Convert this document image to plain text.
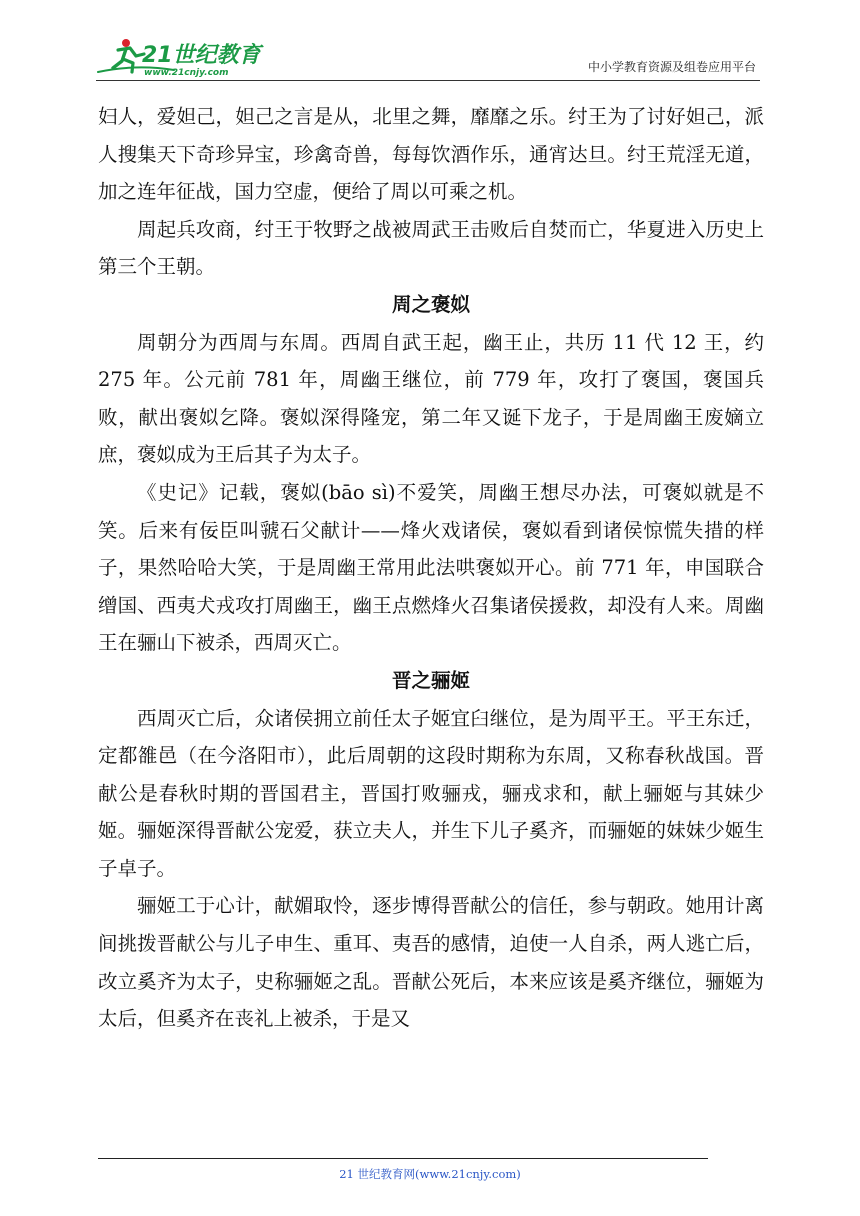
21世纪教育
www.21cnjy.com	中小学教育资源及组卷应用平台

妇人，爱妲己，妲己之言是从，北里之舞，靡靡之乐。纣王为了讨好妲己，派人搜集天下奇珍异宝，珍禽奇兽，每每饮酒作乐，通宵达旦。纣王荒淫无道，加之连年征战，国力空虚，便给了周以可乘之机。

周起兵攻商，纣王于牧野之战被周武王击败后自焚而亡，华夏进入历史上第三个王朝。

周之褒姒

周朝分为西周与东周。西周自武王起，幽王止，共历 11 代 12 王，约 275 年。公元前 781 年，周幽王继位，前 779 年，攻打了褒国，褒国兵败，献出褒姒乞降。褒姒深得隆宠，第二年又诞下龙子，于是周幽王废嫡立庶，褒姒成为王后其子为太子。

《史记》记载，褒姒(bāo sì)不爱笑，周幽王想尽办法，可褒姒就是不笑。后来有佞臣叫虢石父献计——烽火戏诸侯，褒姒看到诸侯惊慌失措的样子，果然哈哈大笑，于是周幽王常用此法哄褒姒开心。前 771 年，申国联合缯国、西夷犬戎攻打周幽王，幽王点燃烽火召集诸侯援救，却没有人来。周幽王在骊山下被杀，西周灭亡。

晋之骊姬

西周灭亡后，众诸侯拥立前任太子姬宜臼继位，是为周平王。平王东迁，定都雒邑（在今洛阳市），此后周朝的这段时期称为东周，又称春秋战国。晋献公是春秋时期的晋国君主，晋国打败骊戎，骊戎求和，献上骊姬与其妹少姬。骊姬深得晋献公宠爱，获立夫人，并生下儿子奚齐，而骊姬的妹妹少姬生子卓子。

骊姬工于心计，献媚取怜，逐步博得晋献公的信任，参与朝政。她用计离间挑拨晋献公与儿子申生、重耳、夷吾的感情，迫使一人自杀，两人逃亡后，改立奚齐为太子，史称骊姬之乱。晋献公死后，本来应该是奚齐继位，骊姬为太后，但奚齐在丧礼上被杀，于是又

21 世纪教育网(www.21cnjy.com)
